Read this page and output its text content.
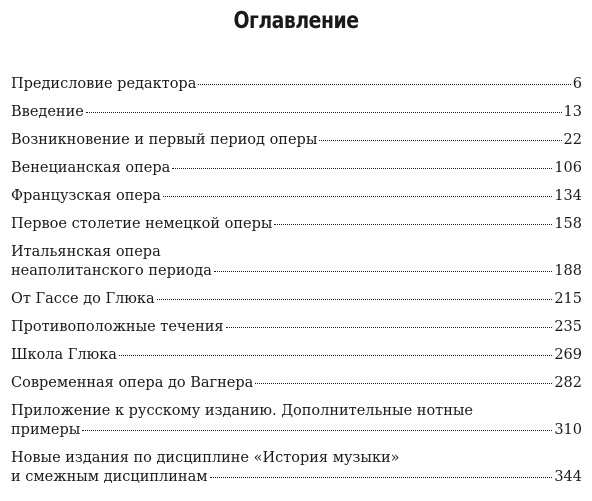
Оглавление
Предисловие редактора	6
Введение	13
Возникновение и первый период оперы	22
Венецианская опера	106
Французская опера	134
Первое столетие немецкой оперы	158
Итальянская опера
неаполитанского периода	188
От Гассе до Глюка	215
Противоположные течения	235
Школа Глюка	269
Современная опера до Вагнера	282
Приложение к русскому изданию. Дополнительные нотные
примеры	310
Новые издания по дисциплине «История музыки»
и смежным дисциплинам	344
